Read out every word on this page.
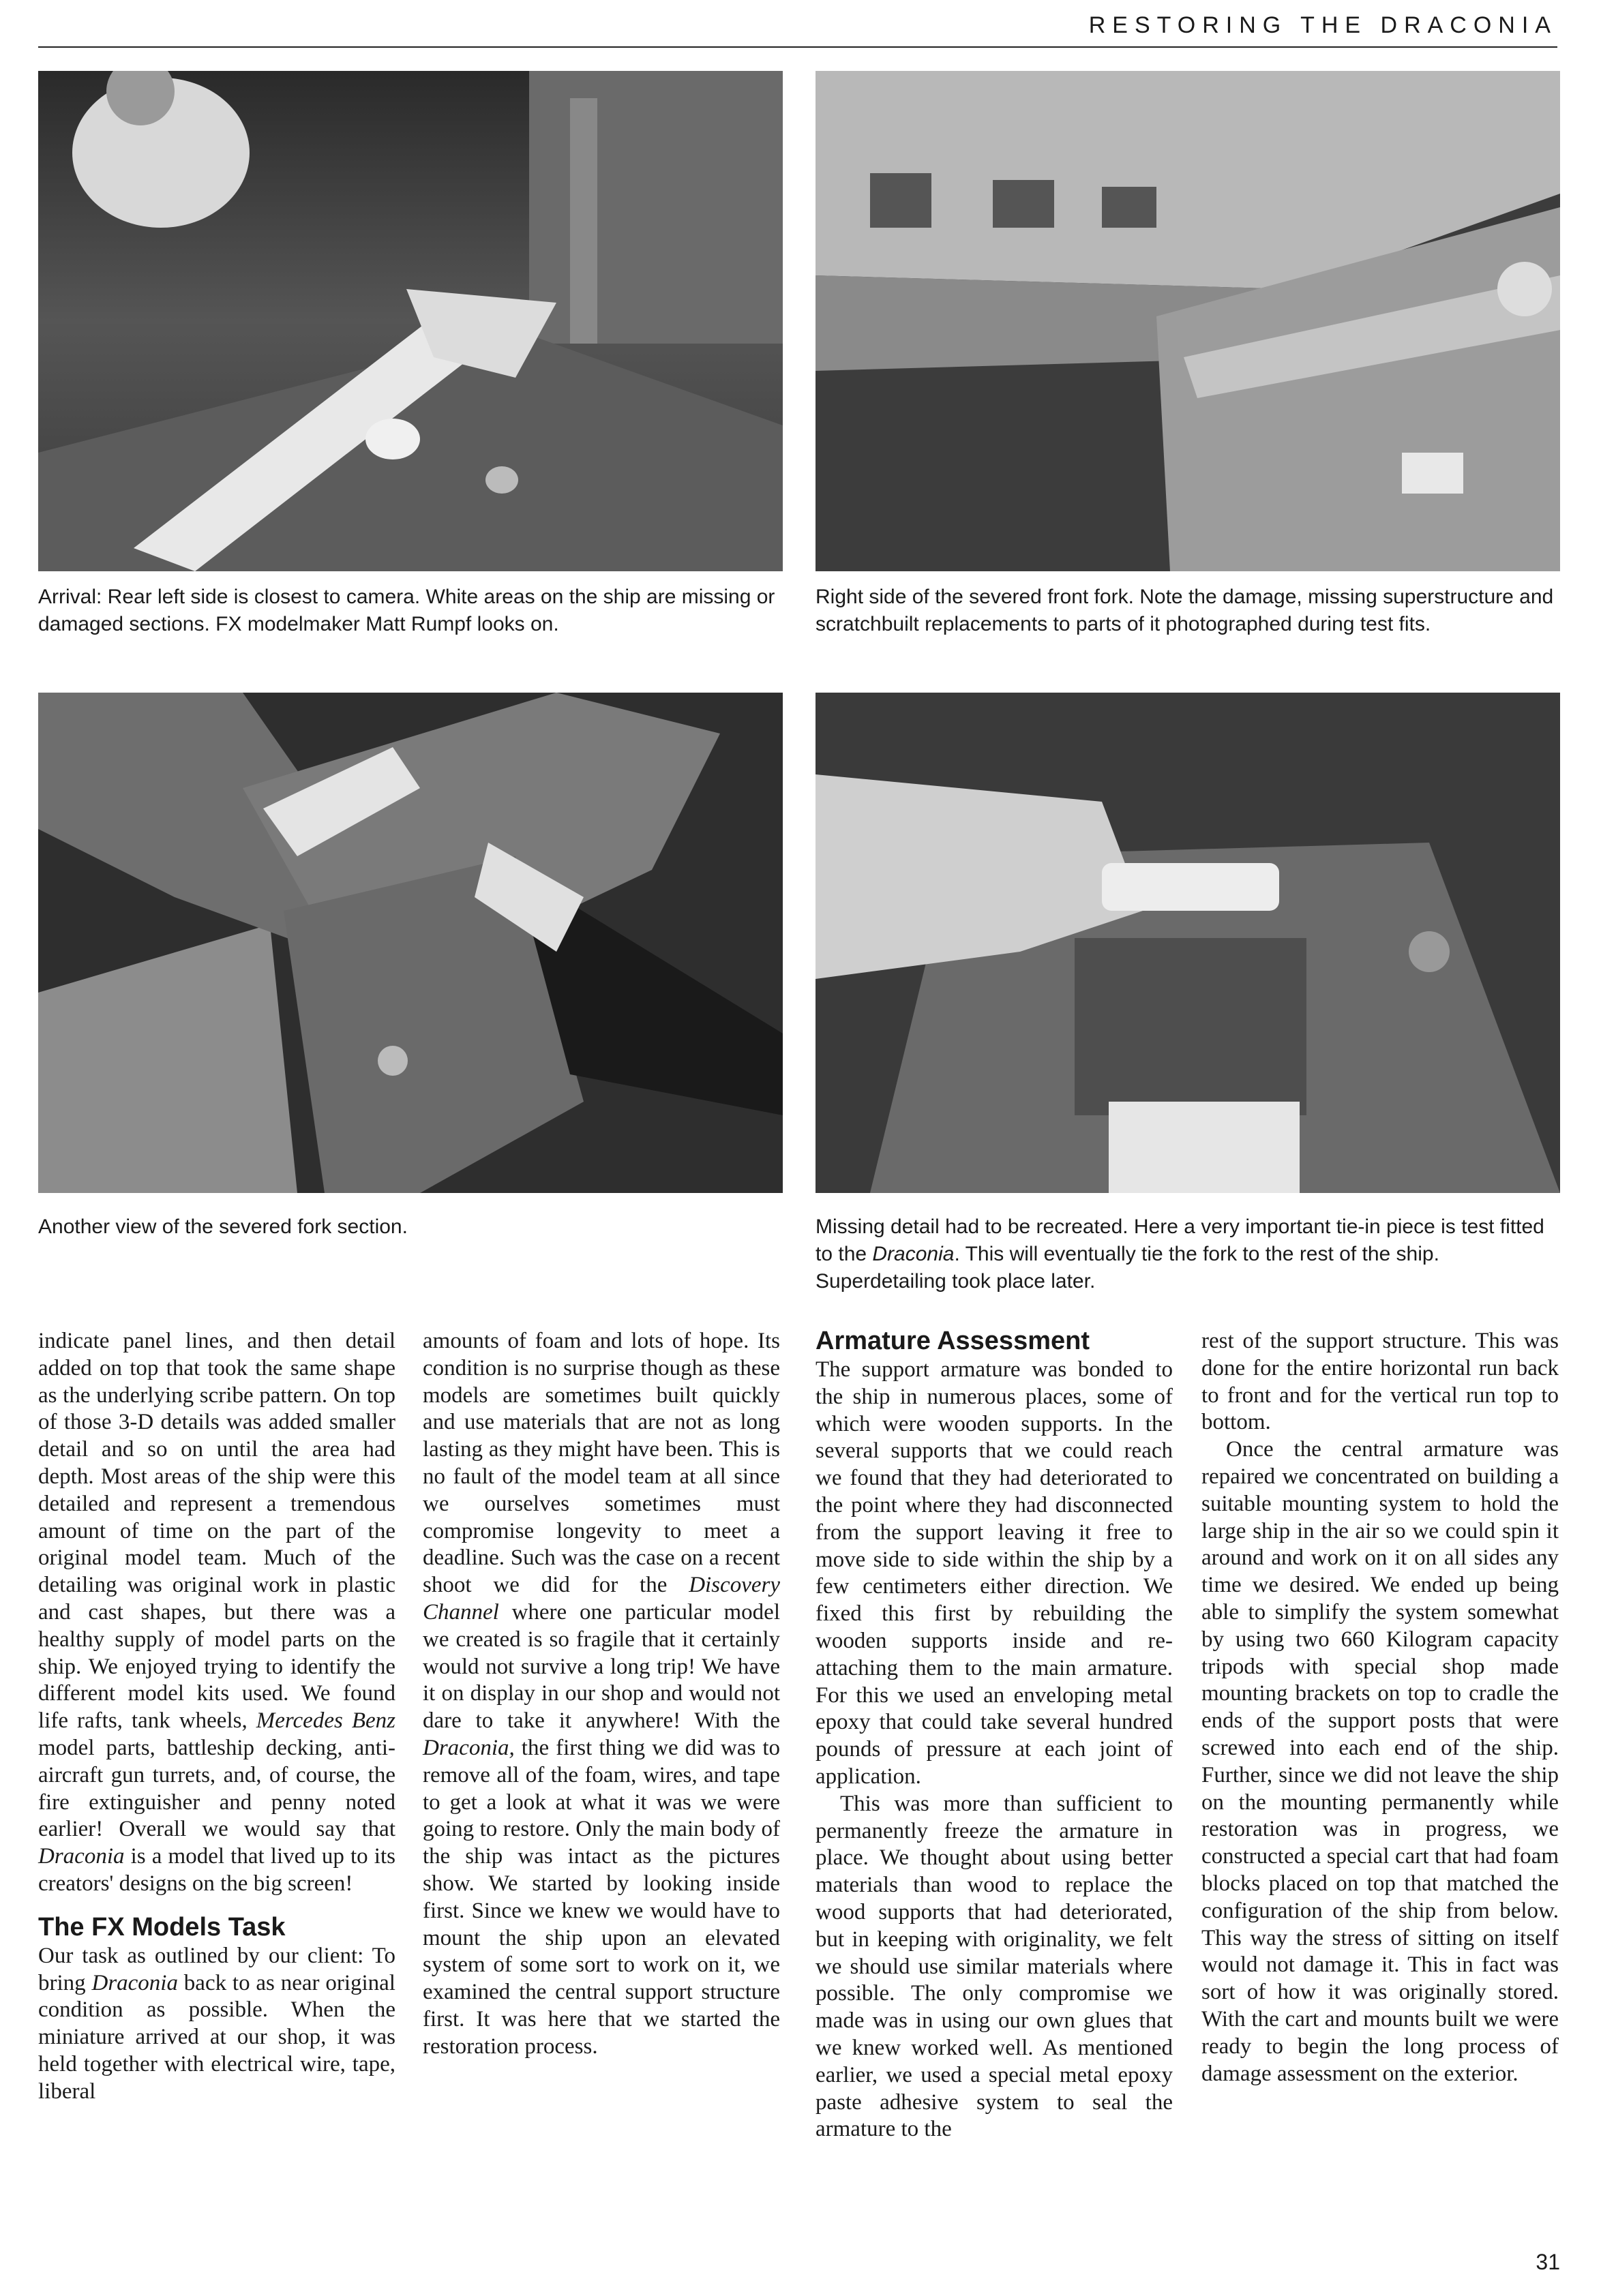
RESTORING THE DRACONIA
Arrival: Rear left side is closest to camera. White areas on the ship are missing or damaged sections. FX modelmaker Matt Rumpf looks on.
Right side of the severed front fork. Note the damage, missing superstructure and scratchbuilt replacements to parts of it photographed during test fits.
Another view of the severed fork section.	Missing detail had to be recreated. Here a very important tie-in piece is test fitted to the Draconia. This will eventually tie the fork to the rest of the ship. Superdetailing took place later.

indicate panel lines, and then detail added on top that took the same shape as the underlying scribe pattern. On top of those 3-D details was added smaller detail and so on until the area had depth. Most areas of the ship were this detailed and represent a tremendous amount of time on the part of the original model team. Much of the detailing was original work in plastic and cast shapes, but there was a healthy supply of model parts on the ship. We enjoyed trying to identify the different model kits used. We found life rafts, tank wheels, Mercedes Benz model parts, battleship decking, anti-aircraft gun turrets, and, of course, the fire extinguisher and penny noted earlier! Overall we would say that Draconia is a model that lived up to its creators' designs on the big screen!

The FX Models Task

Our task as outlined by our client: To bring Draconia back to as near original condition as possible. When the miniature arrived at our shop, it was held together with electrical wire, tape, liberal

amounts of foam and lots of hope. Its condition is no surprise though as these models are sometimes built quickly and use materials that are not as long lasting as they might have been. This is no fault of the model team at all since we ourselves sometimes must compromise longevity to meet a deadline. Such was the case on a recent shoot we did for the Discovery Channel where one particular model we created is so fragile that it certainly would not survive a long trip! We have it on display in our shop and would not dare to take it anywhere! With the Draconia, the first thing we did was to remove all of the foam, wires, and tape to get a look at what it was we were going to restore. Only the main body of the ship was intact as the pictures show. We started by looking inside first. Since we knew we would have to mount the ship upon an elevated system of some sort to work on it, we examined the central support structure first. It was here that we started the restoration process.

Armature Assessment

The support armature was bonded to the ship in numerous places, some of which were wooden supports. In the several supports that we could reach we found that they had deteriorated to the point where they had disconnected from the support leaving it free to move side to side within the ship by a few centimeters either direction. We fixed this first by rebuilding the wooden supports inside and re-attaching them to the main armature. For this we used an enveloping metal epoxy that could take several hundred pounds of pressure at each joint of application.

This was more than sufficient to permanently freeze the armature in place. We thought about using better materials than wood to replace the wood supports that had deteriorated, but in keeping with originality, we felt we should use similar materials where possible. The only compromise we made was in using our own glues that we knew worked well. As mentioned earlier, we used a special metal epoxy paste adhesive system to seal the armature to the

rest of the support structure. This was done for the entire horizontal run back to front and for the vertical run top to bottom.

Once the central armature was repaired we concentrated on building a suitable mounting system to hold the large ship in the air so we could spin it around and work on it on all sides any time we desired. We ended up being able to simplify the system somewhat by using two 660 Kilogram capacity tripods with special shop made mounting brackets on top to cradle the ends of the support posts that were screwed into each end of the ship. Further, since we did not leave the ship on the mounting permanently while restoration was in progress, we constructed a special cart that had foam blocks placed on top that matched the configuration of the ship from below. This way the stress of sitting on itself would not damage it. This in fact was sort of how it was originally stored. With the cart and mounts built we were ready to begin the long process of damage assessment on the exterior.

31
